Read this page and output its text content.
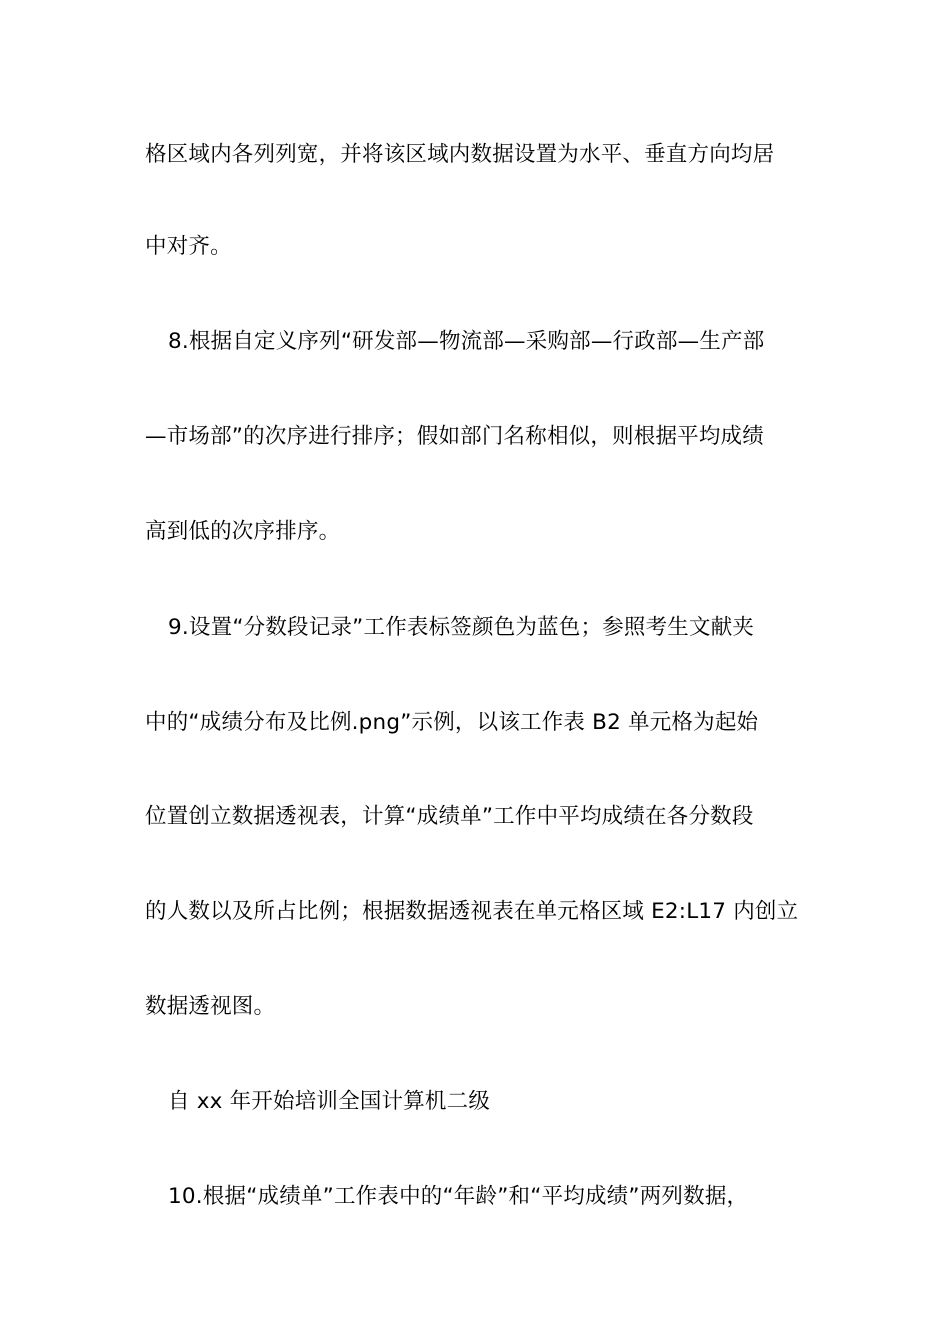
格区域内各列列宽，并将该区域内数据设置为水平、垂直方向均居
中对齐。
8.根据自定义序列“研发部—物流部—采购部—行政部—生产部
—市场部”的次序进行排序；假如部门名称相似，则根据平均成绩
高到低的次序排序。
9.设置“分数段记录”工作表标签颜色为蓝色；参照考生文献夹
中的“成绩分布及比例.png”示例，以该工作表 B2 单元格为起始
位置创立数据透视表，计算“成绩单”工作中平均成绩在各分数段
的人数以及所占比例；根据数据透视表在单元格区域 E2:L17 内创立
数据透视图。
自 xx 年开始培训全国计算机二级
10.根据“成绩单”工作表中的“年龄”和“平均成绩”两列数据，
